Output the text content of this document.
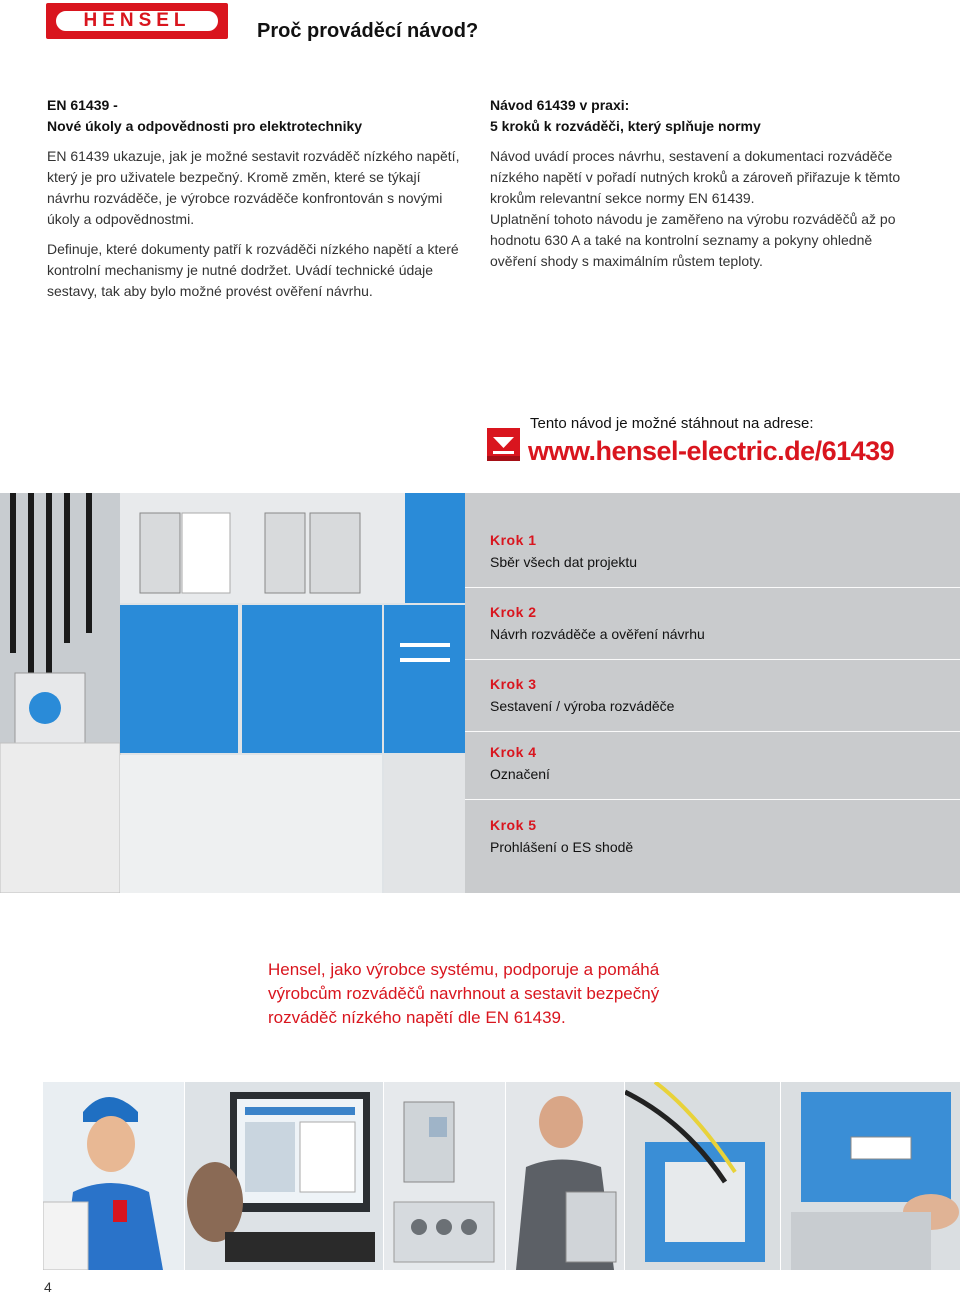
HENSEL	Proč prováděcí návod?
EN 61439 -
Nové úkoly a odpovědnosti pro elektrotechniky

EN 61439 ukazuje, jak je možné sestavit rozváděč nízkého napětí, který je pro uživatele bezpečný. Kromě změn, které se týkají návrhu rozváděče, je výrobce rozváděče konfrontován s novými úkoly a odpovědnostmi.

Definuje, které dokumenty patří k rozváděči nízkého napětí a které kontrolní mechanismy je nutné dodržet. Uvádí technické údaje sestavy, tak aby bylo možné provést ověření návrhu.

Návod 61439 v praxi:
5 kroků k rozváděči, který splňuje normy

Návod uvádí proces návrhu, sestavení a dokumentaci rozváděče nízkého napětí v pořadí nutných kroků a zároveň přiřazuje k těmto krokům relevantní sekce normy EN 61439.

Uplatnění tohoto návodu je zaměřeno na výrobu rozváděčů až po hodnotu 630 A a také na kontrolní seznamy a pokyny ohledně ověření shody s maximálním růstem teploty.

Tento návod je možné stáhnout na adrese:
www.hensel-electric.de/61439
Krok 1
Sběr všech dat projektu
Krok 2
Návrh rozváděče a ověření návrhu
Krok 3
Sestavení / výroba rozváděče
Krok 4
Označení
Krok 5
Prohlášení o ES shodě
Hensel, jako výrobce systému, podporuje a pomáhá výrobcům rozváděčů navrhnout a sestavit bezpečný rozváděč nízkého napětí dle EN 61439.
4
